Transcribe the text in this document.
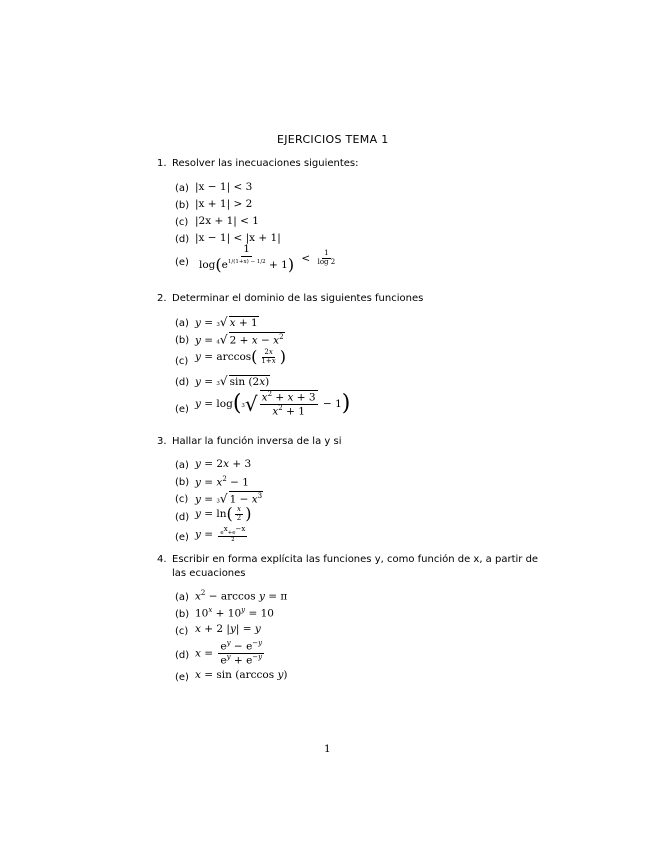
EJERCICIOS TEMA 1
1. Resolver las inecuaciones siguientes:
(a) |x − 1| < 3
(b) |x + 1| > 2
(c) |2x + 1| < 1
(d) |x − 1| < |x + 1|
$(e) \frac{1}{\log(e^{1/(1+x) - 1/2} + 1)} < \frac{1}{\log 2}$
2. Determinar el dominio de las siguientes funciones
(a) y = 3√ x + 1
(b) y = 4√ $2 + x - x^2$
(c) $y = \arccos( \frac{2x}{1+x}$ )
(d) y = 3√ sin (2x)
(e) $y = \log(3√ \frac{x^2 + x + 3}{x^2 + 1} - 1)$
3. Hallar la función inversa de la y si
(a) y = 2x + 3
(b) $y = x^2 - 1$
(c) y = 3√ $1 - x^3$
(d) $y = \ln( \frac{x}{2}$ )
(e) $y = \frac{e^x+e^{-x}}{2}$
4. Escribir en forma explícita las funciones y, como función de x, a partir de
las ecuaciones
(a) $x^2 - \arccos y = \pi$
(b) $10^x + 10^y = 10$
(c) x + 2 |y| = y
(d) $x = \frac{e^y - e^{-y}}{e^y + e^{-y}}$
(e) x = sin (arccos y)
1
